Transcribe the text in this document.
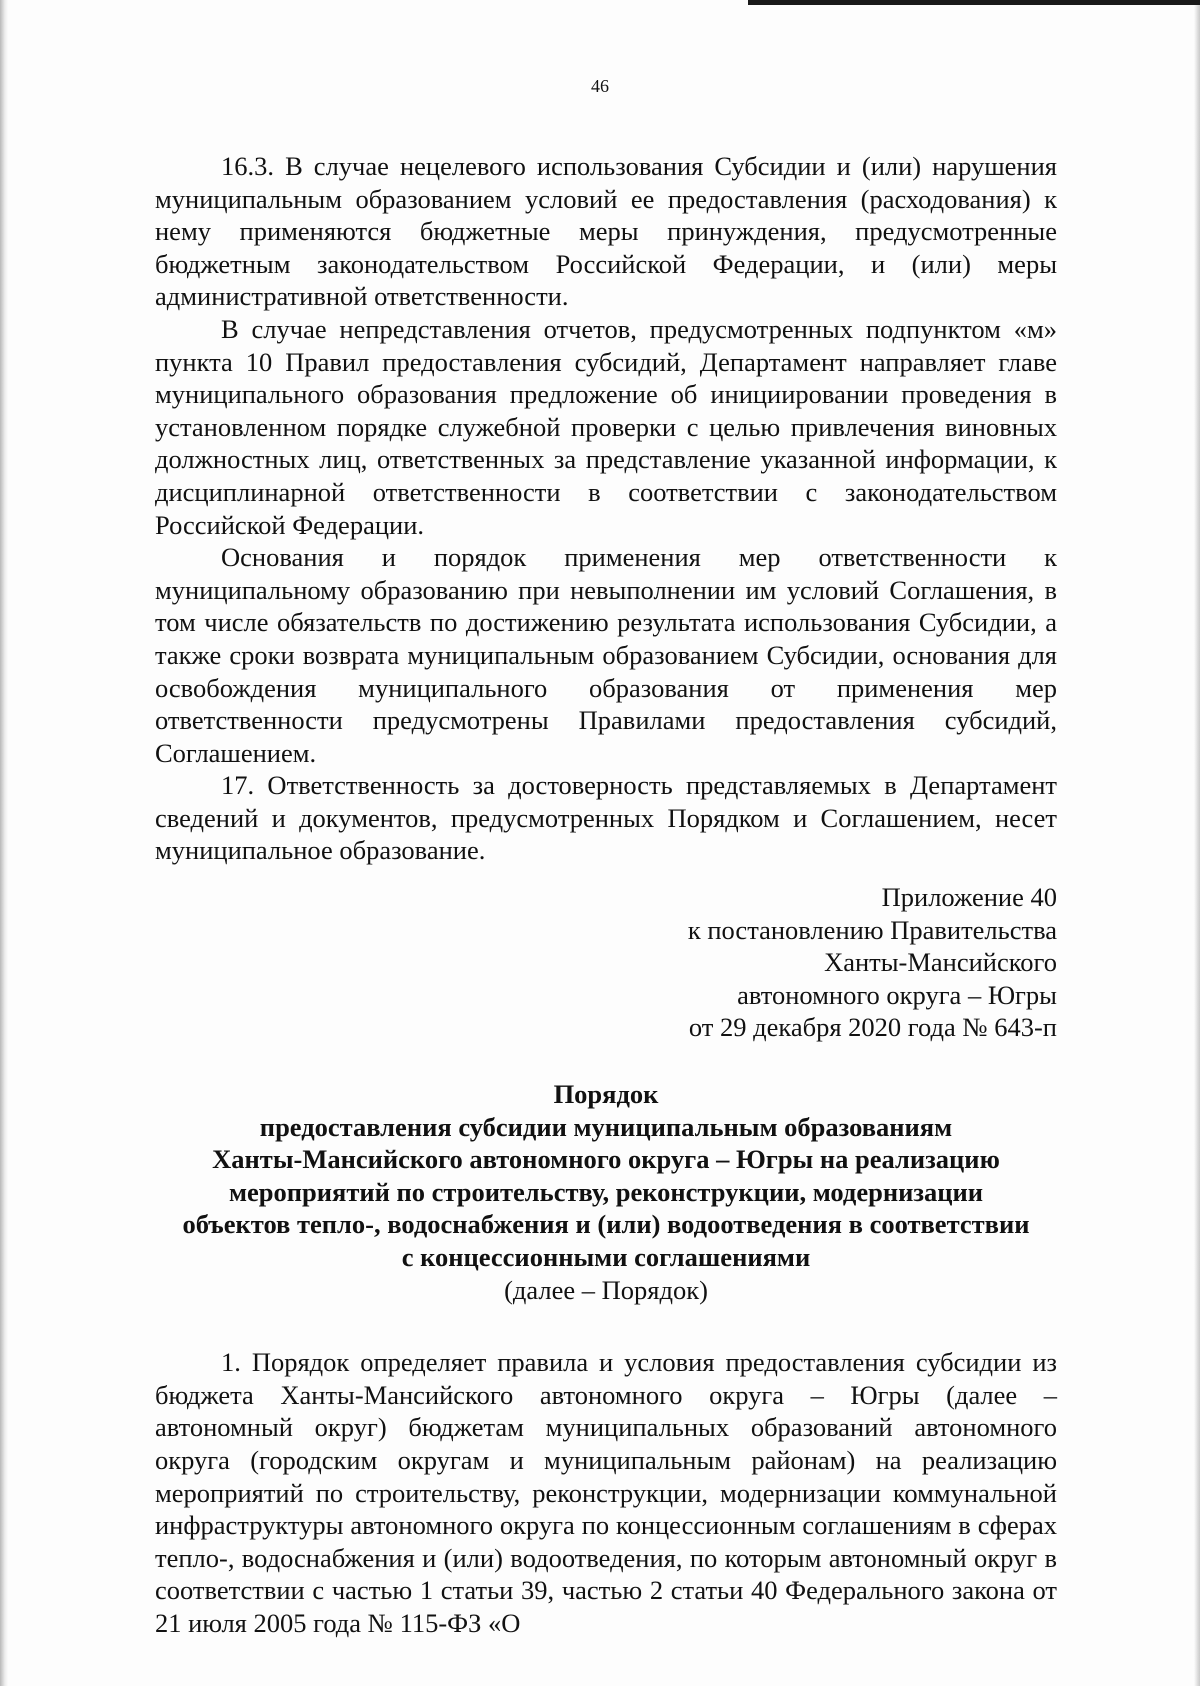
46

16.3. В случае нецелевого использования Субсидии и (или) нарушения муниципальным образованием условий ее предоставления (расходования) к нему применяются бюджетные меры принуждения, предусмотренные бюджетным законодательством Российской Федерации, и (или) меры административной ответственности.

В случае непредставления отчетов, предусмотренных подпунктом «м» пункта 10 Правил предоставления субсидий, Департамент направляет главе муниципального образования предложение об инициировании проведения в установленном порядке служебной проверки с целью привлечения виновных должностных лиц, ответственных за представление указанной информации, к дисциплинарной ответственности в соответствии с законодательством Российской Федерации.

Основания и порядок применения мер ответственности к муниципальному образованию при невыполнении им условий Соглашения, в том числе обязательств по достижению результата использования Субсидии, а также сроки возврата муниципальным образованием Субсидии, основания для освобождения муниципального образования от применения мер ответственности предусмотрены Правилами предоставления субсидий, Соглашением.

17. Ответственность за достоверность представляемых в Департамент сведений и документов, предусмотренных Порядком и Соглашением, несет муниципальное образование.

Приложение 40
к постановлению Правительства
Ханты-Мансийского
автономного округа – Югры
от 29 декабря 2020 года № 643-п
Порядок
предоставления субсидии муниципальным образованиям
Ханты-Мансийского автономного округа – Югры на реализацию
мероприятий по строительству, реконструкции, модернизации
объектов тепло-, водоснабжения и (или) водоотведения в соответствии
с концессионными соглашениями
(далее – Порядок)

1. Порядок определяет правила и условия предоставления субсидии из бюджета Ханты-Мансийского автономного округа – Югры (далее – автономный округ) бюджетам муниципальных образований автономного округа (городским округам и муниципальным районам) на реализацию мероприятий по строительству, реконструкции, модернизации коммунальной инфраструктуры автономного округа по концессионным соглашениям в сферах тепло-, водоснабжения и (или) водоотведения, по которым автономный округ в соответствии с частью 1 статьи 39, частью 2 статьи 40 Федерального закона от 21 июля 2005 года № 115-ФЗ «О
